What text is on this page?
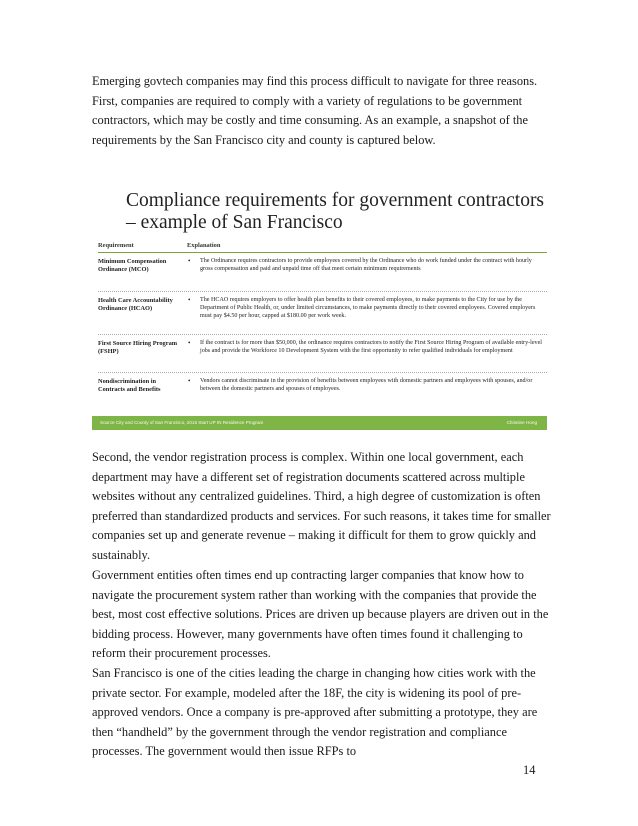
Emerging govtech companies may find this process difficult to navigate for three reasons. First, companies are required to comply with a variety of regulations to be government contractors, which may be costly and time consuming. As an example, a snapshot of the requirements by the San Francisco city and county is captured below.

Compliance requirements for government contractors – example of San Francisco
Requirement	Explanation
Minimum Compensation Ordinance (MCO)
• The Ordinance requires contractors to provide employees covered by the Ordinance who do work funded under the contract with hourly gross compensation and paid and unpaid time off that meet certain minimum requirements
Health Care Accountability Ordinance (HCAO)
• The HCAO requires employers to offer health plan benefits to their covered employees, to make payments to the City for use by the Department of Public Health, or, under limited circumstances, to make payments directly to their covered employees. Covered employers must pay $4.50 per hour, capped at $180.00 per work week.
First Source Hiring Program (FSHP)
• If the contract is for more than $50,000, the ordinance requires contractors to notify the First Source Hiring Program of available entry-level jobs and provide the Workforce 10 Development System with the first opportunity to refer qualified individuals for employment
Nondiscrimination in Contracts and Benefits
• Vendors cannot discriminate in the provision of benefits between employees with domestic partners and employees with spouses, and/or between the domestic partners and spouses of employees.
Source City and County of San Francisco, 2016 Start UP IN Residence Program	Christine Hong

Second, the vendor registration process is complex. Within one local government, each department may have a different set of registration documents scattered across multiple websites without any centralized guidelines. Third, a high degree of customization is often preferred than standardized products and services. For such reasons, it takes time for smaller companies set up and generate revenue – making it difficult for them to grow quickly and sustainably.

Government entities often times end up contracting larger companies that know how to navigate the procurement system rather than working with the companies that provide the best, most cost effective solutions. Prices are driven up because players are driven out in the bidding process. However, many governments have often times found it challenging to reform their procurement processes.

San Francisco is one of the cities leading the charge in changing how cities work with the private sector. For example, modeled after the 18F, the city is widening its pool of pre-approved vendors. Once a company is pre-approved after submitting a prototype, they are then “handheld” by the government through the vendor registration and compliance processes. The government would then issue RFPs to

14
